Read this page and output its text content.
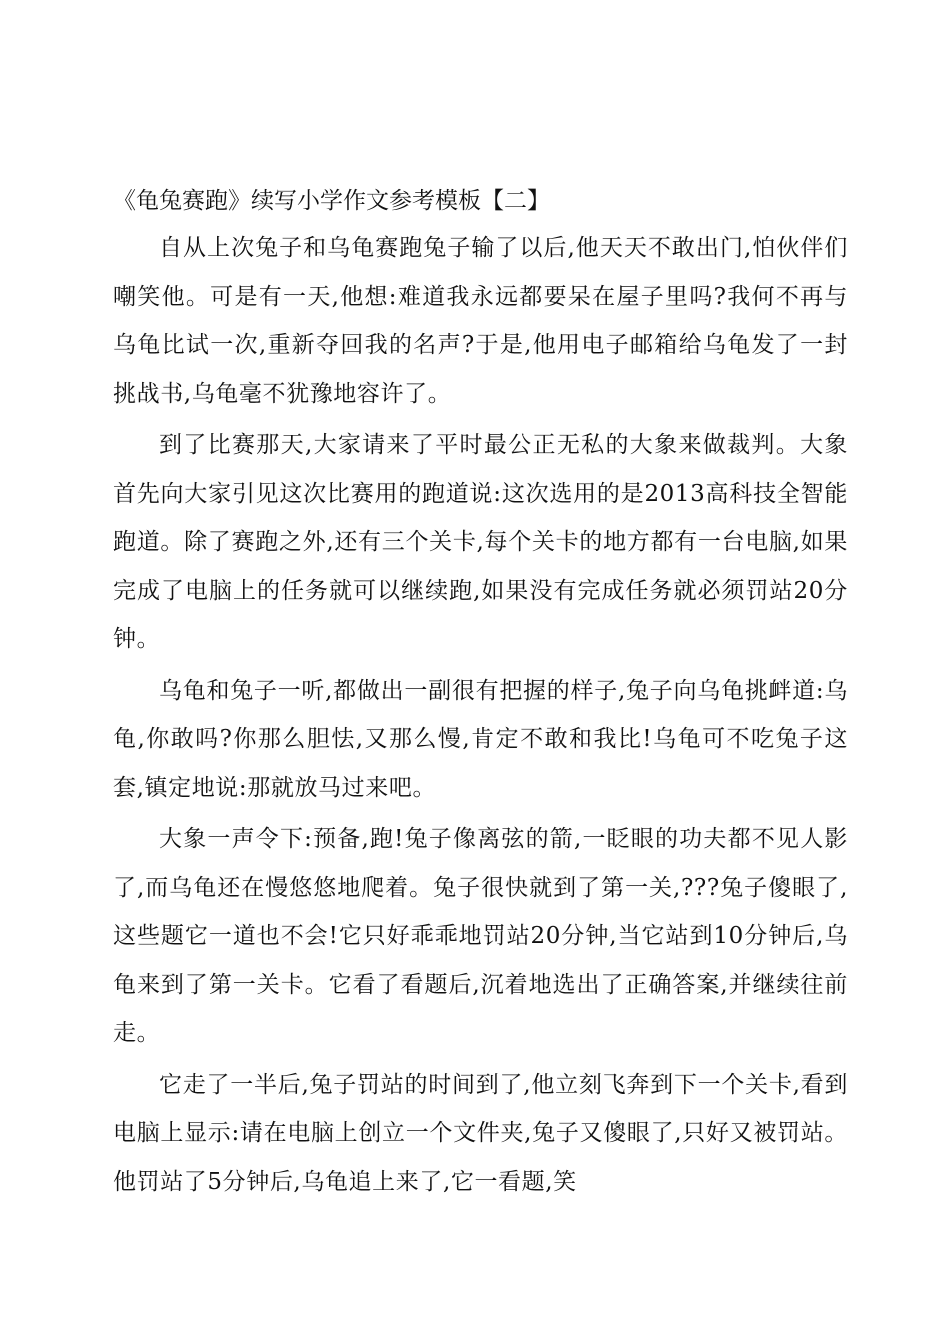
《龟兔赛跑》续写小学作文参考模板【二】

自从上次兔子和乌龟赛跑兔子输了以后,他天天不敢出门,怕伙伴们嘲笑他。可是有一天,他想:难道我永远都要呆在屋子里吗?我何不再与乌龟比试一次,重新夺回我的名声?于是,他用电子邮箱给乌龟发了一封挑战书,乌龟毫不犹豫地容许了。

到了比赛那天,大家请来了平时最公正无私的大象来做裁判。大象首先向大家引见这次比赛用的跑道说:这次选用的是2013高科技全智能跑道。除了赛跑之外,还有三个关卡,每个关卡的地方都有一台电脑,如果完成了电脑上的任务就可以继续跑,如果没有完成任务就必须罚站20分钟。

乌龟和兔子一听,都做出一副很有把握的样子,兔子向乌龟挑衅道:乌龟,你敢吗?你那么胆怯,又那么慢,肯定不敢和我比!乌龟可不吃兔子这套,镇定地说:那就放马过来吧。

大象一声令下:预备,跑!兔子像离弦的箭,一眨眼的功夫都不见人影了,而乌龟还在慢悠悠地爬着。兔子很快就到了第一关,???兔子傻眼了,这些题它一道也不会!它只好乖乖地罚站20分钟,当它站到10分钟后,乌龟来到了第一关卡。它看了看题后,沉着地选出了正确答案,并继续往前走。

它走了一半后,兔子罚站的时间到了,他立刻飞奔到下一个关卡,看到电脑上显示:请在电脑上创立一个文件夹,兔子又傻眼了,只好又被罚站。他罚站了5分钟后,乌龟追上来了,它一看题,笑
